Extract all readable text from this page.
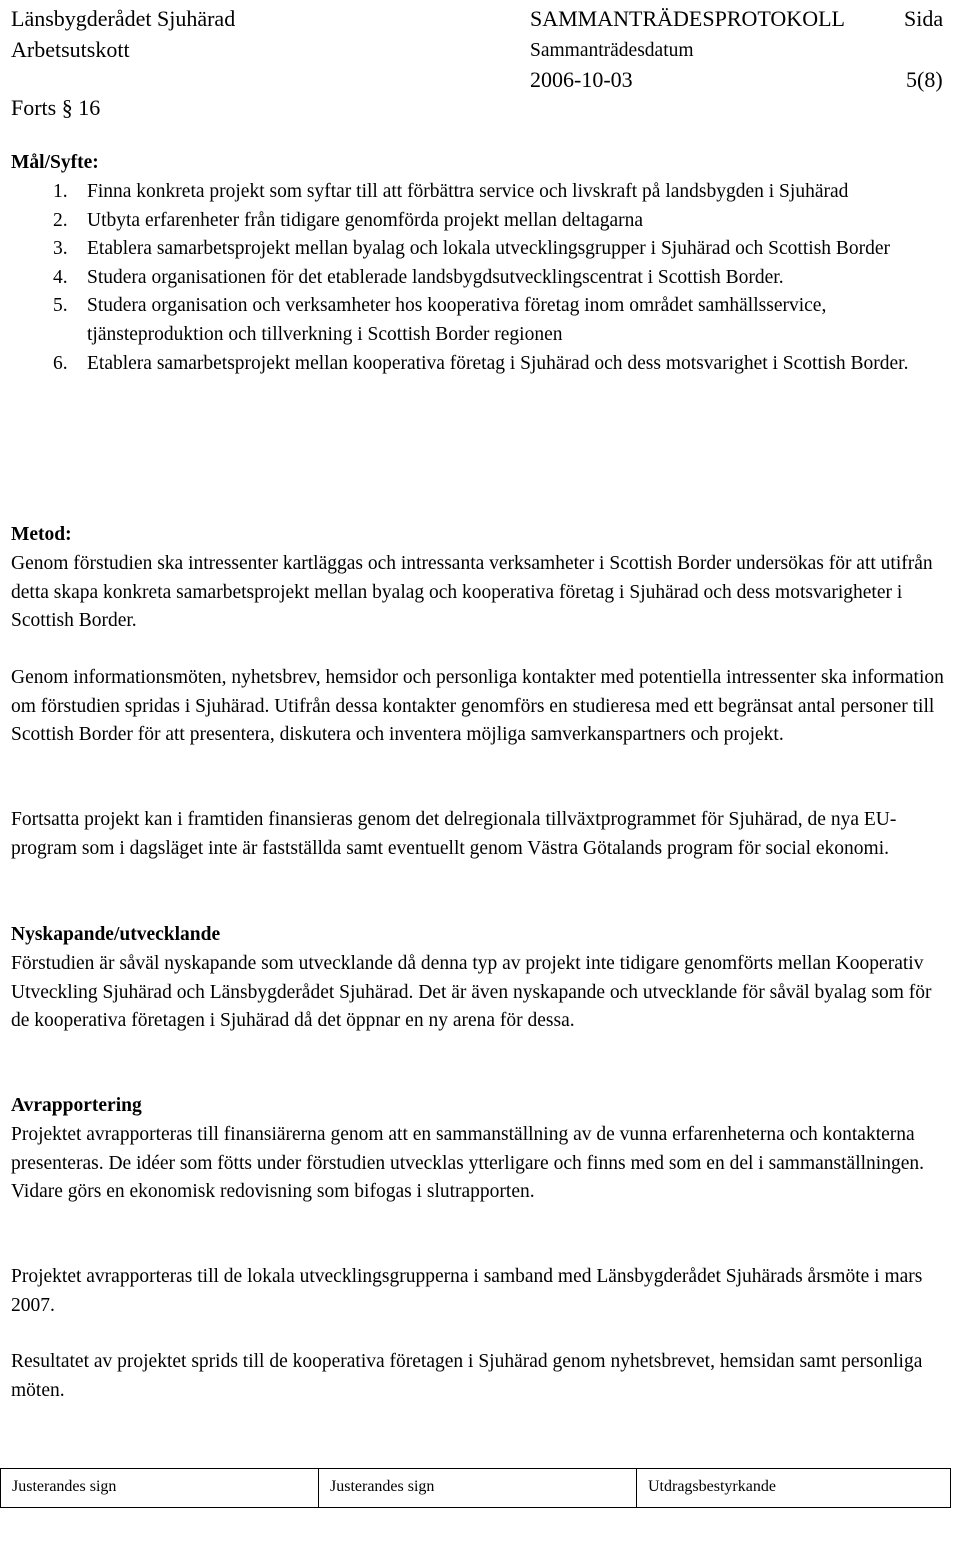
Länsbygderådet Sjuhärad
Arbetsutskott
SAMMANTRÄDESPROTOKOLL	Sida
Sammanträdesdatum
2006-10-03	5(8)
Forts § 16
Mål/Syfte:
1. Finna konkreta projekt som syftar till att förbättra service och livskraft på landsbygden i Sjuhärad
2. Utbyta erfarenheter från tidigare genomförda projekt mellan deltagarna
3. Etablera samarbetsprojekt mellan byalag och lokala utvecklingsgrupper i Sjuhärad och Scottish Border
4. Studera organisationen för det etablerade landsbygdsutvecklingscentrat i Scottish Border.
5. Studera organisation och verksamheter hos kooperativa företag inom området samhällsservice, tjänsteproduktion och tillverkning i Scottish Border regionen
6. Etablera samarbetsprojekt mellan kooperativa företag i Sjuhärad och dess motsvarighet i Scottish Border.
Metod:

Genom förstudien ska intressenter kartläggas och intressanta verksamheter i Scottish Border undersökas för att utifrån detta skapa konkreta samarbetsprojekt mellan byalag och kooperativa företag i Sjuhärad och dess motsvarigheter i Scottish Border.

Genom informationsmöten, nyhetsbrev, hemsidor och personliga kontakter med potentiella intressenter ska information om förstudien spridas i Sjuhärad. Utifrån dessa kontakter genomförs en studieresa med ett begränsat antal personer till Scottish Border för att presentera, diskutera och inventera möjliga samverkanspartners och projekt.

Fortsatta projekt kan i framtiden finansieras genom det delregionala tillväxtprogrammet för Sjuhärad, de nya EU-program som i dagsläget inte är fastställda samt eventuellt genom Västra Götalands program för social ekonomi.

Nyskapande/utvecklande

Förstudien är såväl nyskapande som utvecklande då denna typ av projekt inte tidigare genomförts mellan Kooperativ Utveckling Sjuhärad och Länsbygderådet Sjuhärad. Det är även nyskapande och utvecklande för såväl byalag som för de kooperativa företagen i Sjuhärad då det öppnar en ny arena för dessa.

Avrapportering

Projektet avrapporteras till finansiärerna genom att en sammanställning av de vunna erfarenheterna och kontakterna presenteras. De idéer som fötts under förstudien utvecklas ytterligare och finns med som en del i sammanställningen. Vidare görs en ekonomisk redovisning som bifogas i slutrapporten.

Projektet avrapporteras till de lokala utvecklingsgrupperna i samband med Länsbygderådet Sjuhärads årsmöte i mars 2007.

Resultatet av projektet sprids till de kooperativa företagen i Sjuhärad genom nyhetsbrevet, hemsidan samt personliga möten.

Justerandes sign	Justerandes sign	Utdragsbestyrkande
